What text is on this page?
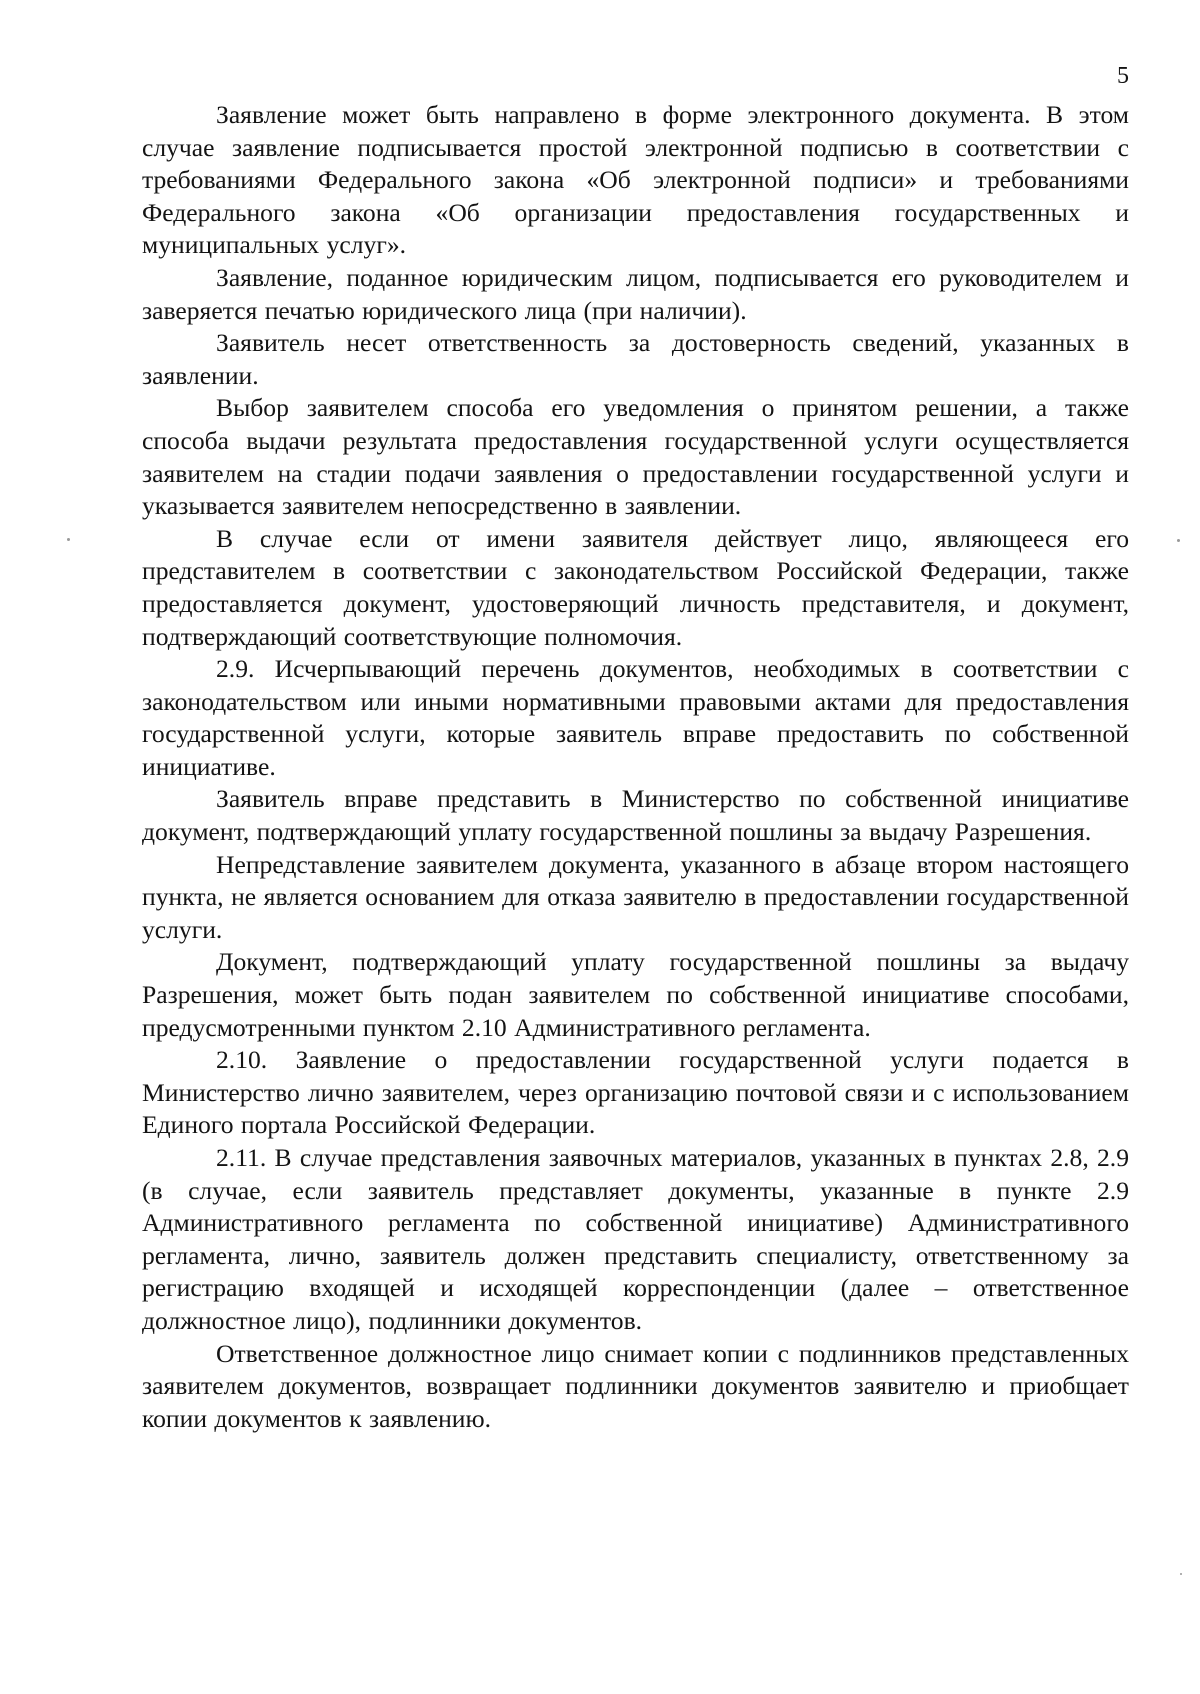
5

Заявление может быть направлено в форме электронного документа. В этом случае заявление подписывается простой электронной подписью в соответствии с требованиями Федерального закона «Об электронной подписи» и требованиями Федерального закона «Об организации предоставления государственных и муниципальных услуг».

Заявление, поданное юридическим лицом, подписывается его руководителем и заверяется печатью юридического лица (при наличии).

Заявитель несет ответственность за достоверность сведений, указанных в заявлении.

Выбор заявителем способа его уведомления о принятом решении, а также способа выдачи результата предоставления государственной услуги осуществляется заявителем на стадии подачи заявления о предоставлении государственной услуги и указывается заявителем непосредственно в заявлении.

В случае если от имени заявителя действует лицо, являющееся его представителем в соответствии с законодательством Российской Федерации, также предоставляется документ, удостоверяющий личность представителя, и документ, подтверждающий соответствующие полномочия.

2.9. Исчерпывающий перечень документов, необходимых в соответствии с законодательством или иными нормативными правовыми актами для предоставления государственной услуги, которые заявитель вправе предоставить по собственной инициативе.

Заявитель вправе представить в Министерство по собственной инициативе документ, подтверждающий уплату государственной пошлины за выдачу Разрешения.

Непредставление заявителем документа, указанного в абзаце втором настоящего пункта, не является основанием для отказа заявителю в предоставлении государственной услуги.

Документ, подтверждающий уплату государственной пошлины за выдачу Разрешения, может быть подан заявителем по собственной инициативе способами, предусмотренными пунктом 2.10 Административного регламента.

2.10. Заявление о предоставлении государственной услуги подается в Министерство лично заявителем, через организацию почтовой связи и с использованием Единого портала Российской Федерации.

2.11. В случае представления заявочных материалов, указанных в пунктах 2.8, 2.9 (в случае, если заявитель представляет документы, указанные в пункте 2.9 Административного регламента по собственной инициативе) Административного регламента, лично, заявитель должен представить специалисту, ответственному за регистрацию входящей и исходящей корреспонденции (далее – ответственное должностное лицо), подлинники документов.

Ответственное должностное лицо снимает копии с подлинников представленных заявителем документов, возвращает подлинники документов заявителю и приобщает копии документов к заявлению.
